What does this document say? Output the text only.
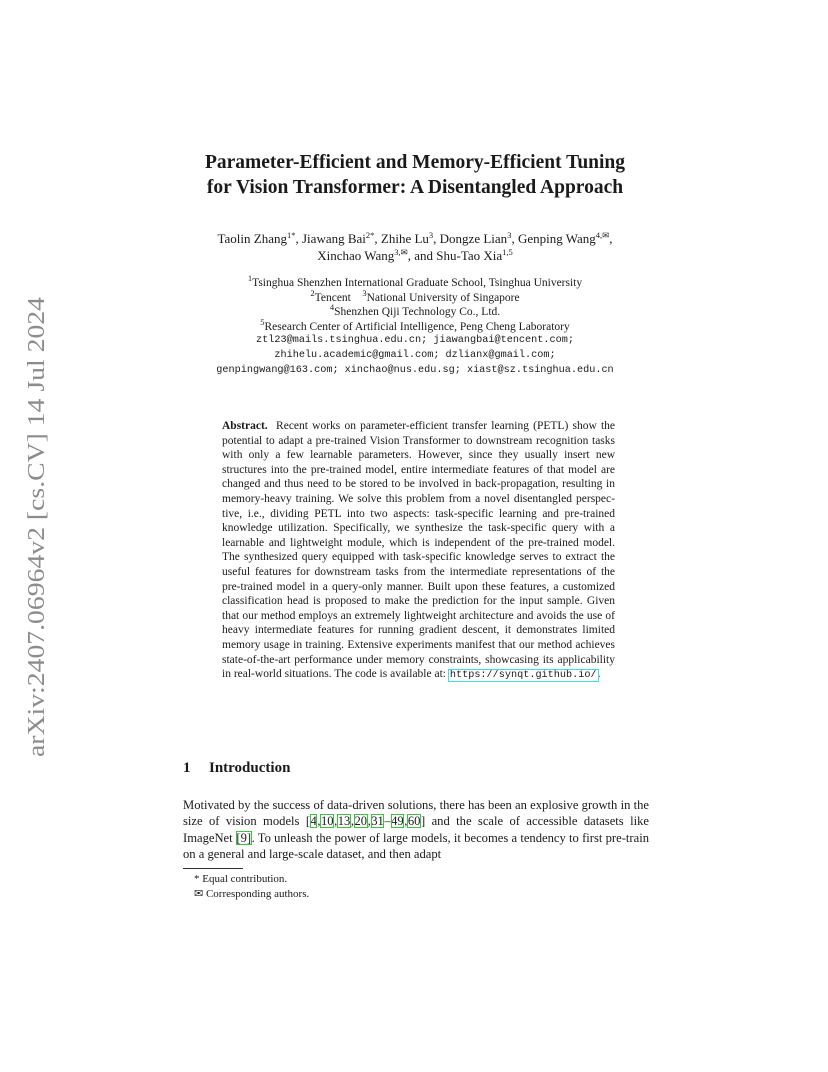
arXiv:2407.06964v2 [cs.CV] 14 Jul 2024
Parameter-Efficient and Memory-Efficient Tuning
for Vision Transformer: A Disentangled Approach
Taolin Zhang$^{1*}$, Jiawang Bai$^{2*}$, Zhihe Lu$^3$, Dongze Lian$^3$, Genping Wang$^{4,✉}$,
Xinchao Wang$^{3,✉}$, and Shu-Tao Xia$^{1,5}$
$^1$Tsinghua Shenzhen International Graduate School, Tsinghua University
$^2$Tencent $^3$National University of Singapore
$^4$Shenzhen Qiji Technology Co., Ltd.
$^5$Research Center of Artificial Intelligence, Peng Cheng Laboratory
ztl23@mails.tsinghua.edu.cn; jiawangbai@tencent.com;
zhihelu.academic@gmail.com; dzlianx@gmail.com;
genpingwang@163.com; xinchao@nus.edu.sg; xiast@sz.tsinghua.edu.cn
Abstract. Recent works on parameter-efficient transfer learning (PETL) show the potential to adapt a pre-trained Vision Transformer to downstream recognition tasks with only a few learnable parameters. However, since they usually insert new structures into the pre-trained model, entire intermediate features of that model are changed and thus need to be stored to be involved in back-propagation, resulting in memory-heavy training. We solve this problem from a novel disentangled perspective, i.e., dividing PETL into two aspects: task-specific learning and pre-trained knowledge utilization. Specifically, we synthesize the task-specific query with a learnable and lightweight module, which is independent of the pre-trained model. The synthesized query equipped with task-specific knowledge serves to extract the useful features for downstream tasks from the intermediate representations of the pre-trained model in a query-only manner. Built upon these features, a customized classification head is proposed to make the prediction for the input sample. Given that our method employs an extremely lightweight architecture and avoids the use of heavy intermediate features for running gradient descent, it demonstrates limited memory usage in training. Extensive experiments manifest that our method achieves state-of-the-art performance under memory constraints, showcasing its applicability in real-world situations. The code is available at: https://synqt.github.io/.
1 Introduction
Motivated by the success of data-driven solutions, there has been an explosive growth in the size of vision models [4,10,13,20,31–49,60] and the scale of accessible datasets like ImageNet [9]. To unleash the power of large models, it becomes a tendency to first pre-train on a general and large-scale dataset, and then adapt
* Equal contribution.
✉ Corresponding authors.
